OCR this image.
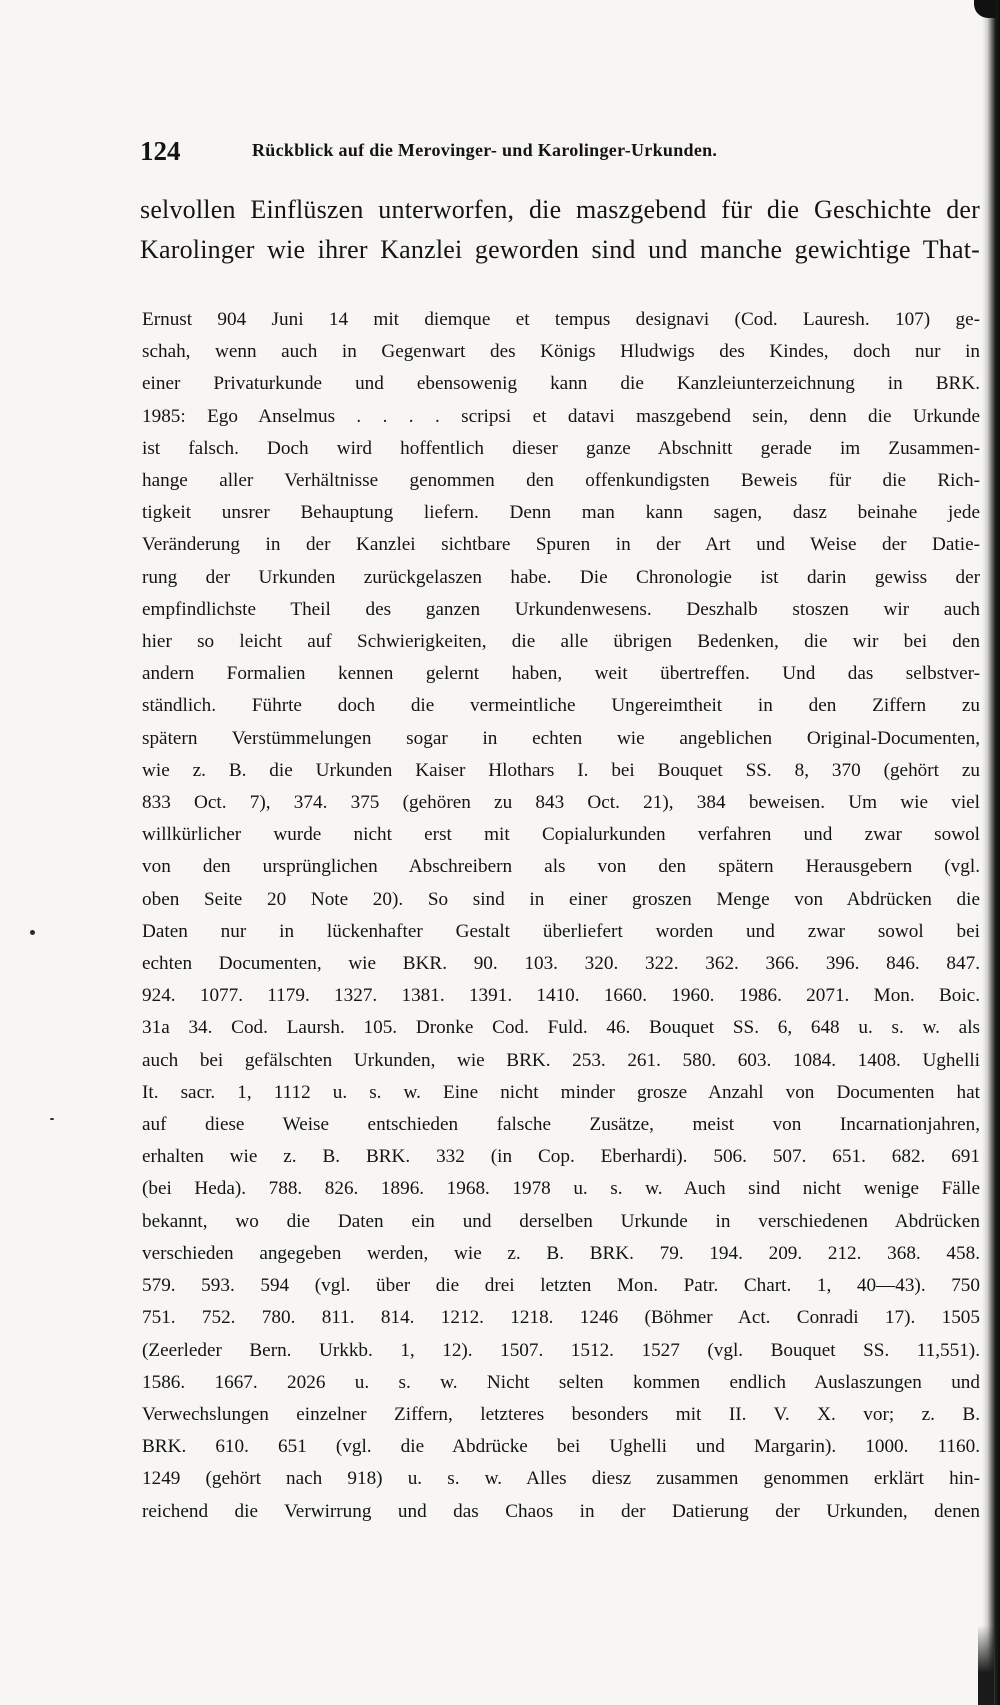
124	Rückblick auf die Merovinger- und Karolinger-Urkunden.
selvollen Einflüszen unterworfen, die maszgebend für die Geschichte der
Karolinger wie ihrer Kanzlei geworden sind und manche gewichtige That-
Ernust 904 Juni 14 mit diemque et tempus designavi (Cod. Lauresh. 107) ge-
schah, wenn auch in Gegenwart des Königs Hludwigs des Kindes, doch nur in
einer Privaturkunde und ebensowenig kann die Kanzleiunterzeichnung in BRK.
1985: Ego Anselmus . . . . scripsi et datavi maszgebend sein, denn die Urkunde
ist falsch. Doch wird hoffentlich dieser ganze Abschnitt gerade im Zusammen-
hange aller Verhältnisse genommen den offenkundigsten Beweis für die Rich-
tigkeit unsrer Behauptung liefern. Denn man kann sagen, dasz beinahe jede
Veränderung in der Kanzlei sichtbare Spuren in der Art und Weise der Datie-
rung der Urkunden zurückgelaszen habe. Die Chronologie ist darin gewiss der
empfindlichste Theil des ganzen Urkundenwesens. Deszhalb stoszen wir auch
hier so leicht auf Schwierigkeiten, die alle übrigen Bedenken, die wir bei den
andern Formalien kennen gelernt haben, weit übertreffen. Und das selbstver-
ständlich. Führte doch die vermeintliche Ungereimtheit in den Ziffern zu
spätern Verstümmelungen sogar in echten wie angeblichen Original-Documenten,
wie z. B. die Urkunden Kaiser Hlothars I. bei Bouquet SS. 8, 370 (gehört zu
833 Oct. 7), 374. 375 (gehören zu 843 Oct. 21), 384 beweisen. Um wie viel
willkürlicher wurde nicht erst mit Copialurkunden verfahren und zwar sowol
von den ursprünglichen Abschreibern als von den spätern Herausgebern (vgl.
oben Seite 20 Note 20). So sind in einer groszen Menge von Abdrücken die
Daten nur in lückenhafter Gestalt überliefert worden und zwar sowol bei
echten Documenten, wie BKR. 90. 103. 320. 322. 362. 366. 396. 846. 847.
924. 1077. 1179. 1327. 1381. 1391. 1410. 1660. 1960. 1986. 2071. Mon. Boic.
31a 34. Cod. Laursh. 105. Dronke Cod. Fuld. 46. Bouquet SS. 6, 648 u. s. w. als
auch bei gefälschten Urkunden, wie BRK. 253. 261. 580. 603. 1084. 1408. Ughelli
It. sacr. 1, 1112 u. s. w. Eine nicht minder grosze Anzahl von Documenten hat
auf diese Weise entschieden falsche Zusätze, meist von Incarnationjahren,
erhalten wie z. B. BRK. 332 (in Cop. Eberhardi). 506. 507. 651. 682. 691
(bei Heda). 788. 826. 1896. 1968. 1978 u. s. w. Auch sind nicht wenige Fälle
bekannt, wo die Daten ein und derselben Urkunde in verschiedenen Abdrücken
verschieden angegeben werden, wie z. B. BRK. 79. 194. 209. 212. 368. 458.
579. 593. 594 (vgl. über die drei letzten Mon. Patr. Chart. 1, 40—43). 750
751. 752. 780. 811. 814. 1212. 1218. 1246 (Böhmer Act. Conradi 17). 1505
(Zeerleder Bern. Urkkb. 1, 12). 1507. 1512. 1527 (vgl. Bouquet SS. 11,551).
1586. 1667. 2026 u. s. w. Nicht selten kommen endlich Auslaszungen und
Verwechslungen einzelner Ziffern, letzteres besonders mit II. V. X. vor; z. B.
BRK. 610. 651 (vgl. die Abdrücke bei Ughelli und Margarin). 1000. 1160.
1249 (gehört nach 918) u. s. w. Alles diesz zusammen genommen erklärt hin-
reichend die Verwirrung und das Chaos in der Datierung der Urkunden, denen
